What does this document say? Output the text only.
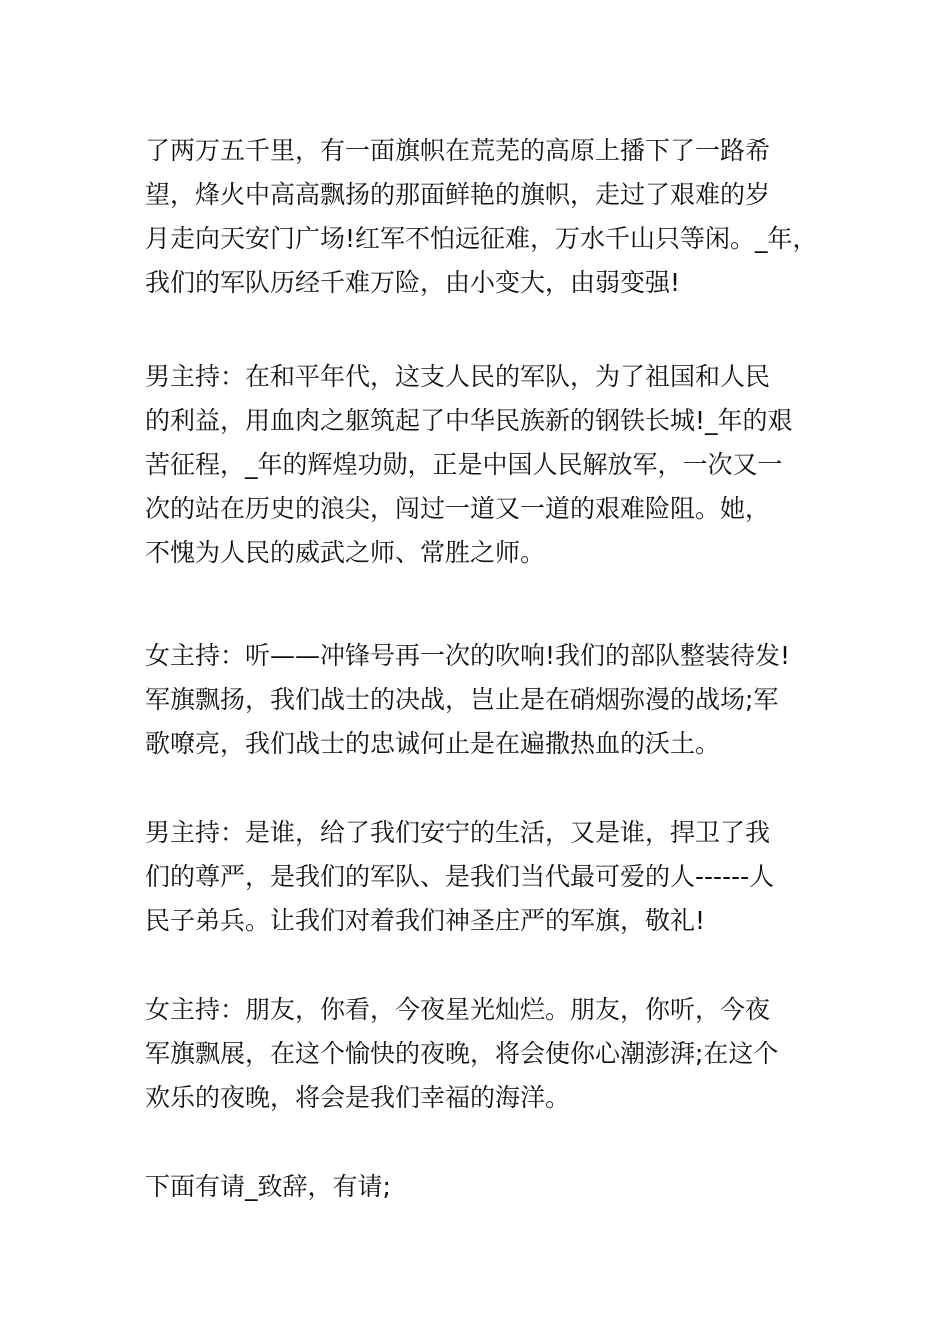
了两万五千里，有一面旗帜在荒芜的高原上播下了一路希
望，烽火中高高飘扬的那面鲜艳的旗帜，走过了艰难的岁
月走向天安门广场!红军不怕远征难，万水千山只等闲。_年，
我们的军队历经千难万险，由小变大，由弱变强!
男主持：在和平年代，这支人民的军队，为了祖国和人民
的利益，用血肉之躯筑起了中华民族新的钢铁长城!_年的艰
苦征程，_年的辉煌功勋，正是中国人民解放军，一次又一
次的站在历史的浪尖，闯过一道又一道的艰难险阻。她，
不愧为人民的威武之师、常胜之师。
女主持：听——冲锋号再一次的吹响!我们的部队整装待发!
军旗飘扬，我们战士的决战，岂止是在硝烟弥漫的战场;军
歌嘹亮，我们战士的忠诚何止是在遍撒热血的沃土。
男主持：是谁，给了我们安宁的生活，又是谁，捍卫了我
们的尊严，是我们的军队、是我们当代最可爱的人------人
民子弟兵。让我们对着我们神圣庄严的军旗，敬礼!
女主持：朋友，你看，今夜星光灿烂。朋友，你听，今夜
军旗飘展，在这个愉快的夜晚，将会使你心潮澎湃;在这个
欢乐的夜晚，将会是我们幸福的海洋。
下面有请_致辞，有请;
